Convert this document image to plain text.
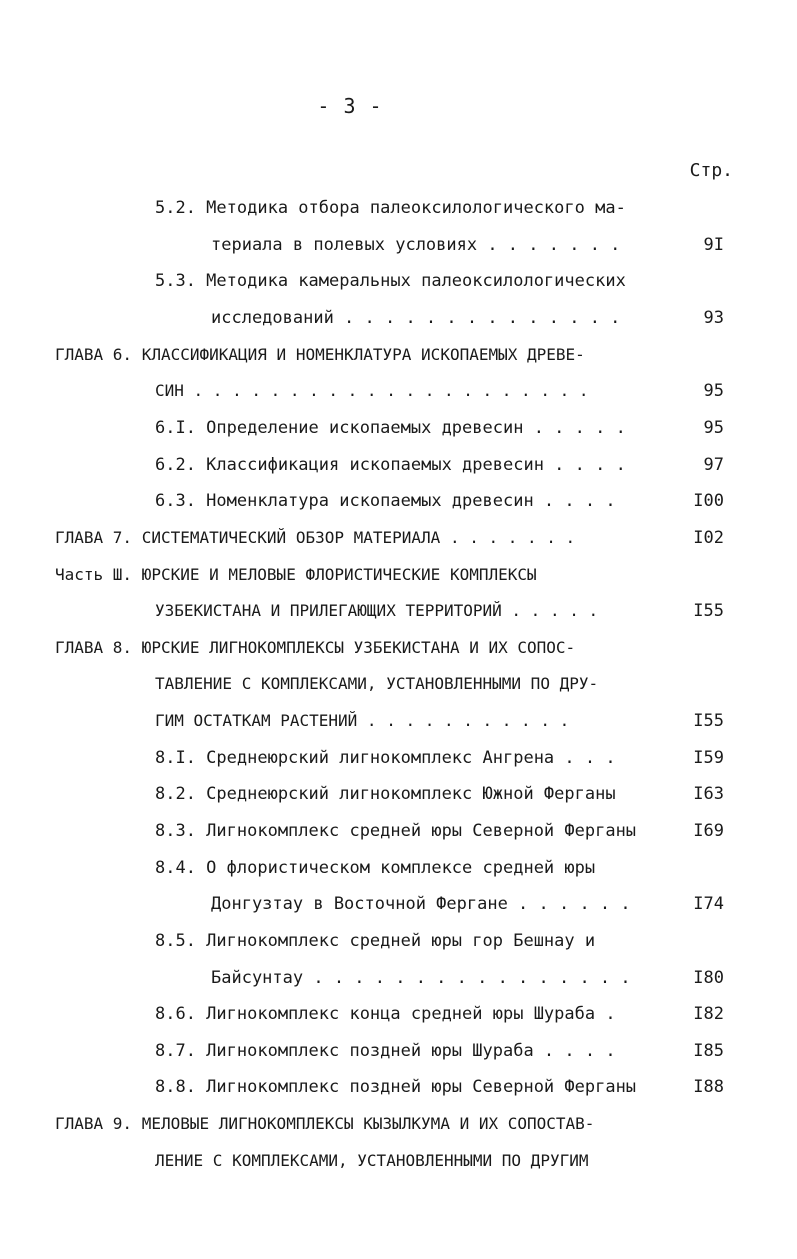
- 3 -
Стр.
5.2. Методика отбора палеоксилологического ма-
териала в полевых условиях . . . . . . .	9I
5.3. Методика камеральных палеоксилологических
исследований . . . . . . . . . . . . . .	93
ГЛАВА 6. КЛАССИФИКАЦИЯ И НОМЕНКЛАТУРА ИСКОПАЕМЫХ ДРЕВЕ-
СИН . . . . . . . . . . . . . . . . . . . . .	95
6.I. Определение ископаемых древесин . . . . .	95
6.2. Классификация ископаемых древесин . . . .	97
6.3. Номенклатура ископаемых древесин . . . .	I00
ГЛАВА 7. СИСТЕМАТИЧЕСКИЙ ОБЗОР МАТЕРИАЛА . . . . . . .	I02
Часть Ш. ЮРСКИЕ И МЕЛОВЫЕ ФЛОРИСТИЧЕСКИЕ КОМПЛЕКСЫ
УЗБЕКИСТАНА И ПРИЛЕГАЮЩИХ ТЕРРИТОРИЙ . . . . .	I55
ГЛАВА 8. ЮРСКИЕ ЛИГНОКОМПЛЕКСЫ УЗБЕКИСТАНА И ИХ СОПОС-
ТАВЛЕНИЕ С КОМПЛЕКСАМИ, УСТАНОВЛЕННЫМИ ПО ДРУ-
ГИМ ОСТАТКАМ РАСТЕНИЙ . . . . . . . . . . .	I55
8.I. Среднеюрский лигнокомплекс Ангрена . . .	I59
8.2. Среднеюрский лигнокомплекс Южной Ферганы	I63
8.3. Лигнокомплекс средней юры Северной Ферганы	I69
8.4. О флористическом комплексе средней юры
Донгузтау в Восточной Фергане . . . . . .	I74
8.5. Лигнокомплекс средней юры гор Бешнау и
Байсунтау . . . . . . . . . . . . . . . .	I80
8.6. Лигнокомплекс конца средней юры Шураба .	I82
8.7. Лигнокомплекс поздней юры Шураба . . . .	I85
8.8. Лигнокомплекс поздней юры Северной Ферганы	I88
ГЛАВА 9. МЕЛОВЫЕ ЛИГНОКОМПЛЕКСЫ КЫЗЫЛКУМА И ИХ СОПОСТАВ-
ЛЕНИЕ С КОМПЛЕКСАМИ, УСТАНОВЛЕННЫМИ ПО ДРУГИМ
